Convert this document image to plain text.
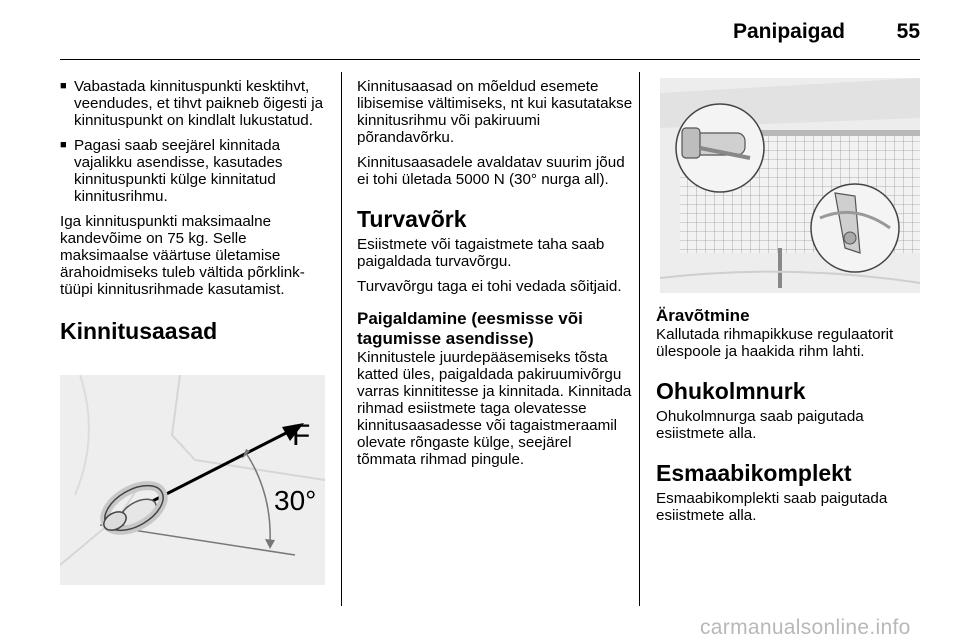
Panipaigad	55
■ Vabastada kinnituspunkti kesktihvt, veendudes, et tihvt paikneb õigesti ja kinnituspunkt on kindlalt lukustatud.
■ Pagasi saab seejärel kinnitada vajalikku asendisse, kasutades kinnituspunkti külge kinnitatud kinnitusrihmu.

Iga kinnituspunkti maksimaalne kandevõime on 75 kg. Selle maksimaalse väärtuse ületamise ärahoidmiseks tuleb vältida põrklink-tüüpi kinnitusrihmade kasutamist.

Kinnitusaasad
F
30°

Kinnitusaasad on mõeldud esemete libisemise vältimiseks, nt kui kasutatakse kinnitusrihmu või pakiruumi põrandavõrku.

Kinnitusaasadele avaldatav suurim jõud ei tohi ületada 5000 N (30° nurga all).

Turvavõrk

Esiistmete või tagaistmete taha saab paigaldada turvavõrgu.

Turvavõrgu taga ei tohi vedada sõitjaid.

Paigaldamine (eesmisse või tagumisse asendisse)

Kinnitustele juurdepääsemiseks tõsta katted üles, paigaldada pakiruumivõrgu varras kinnititesse ja kinnitada. Kinnitada rihmad esiistmete taga olevatesse kinnitusaasadesse või tagaistmeraamil olevate rõngaste külge, seejärel tõmmata rihmad pingule.

Äravõtmine

Kallutada rihmapikkuse regulaatorit ülespoole ja haakida rihm lahti.

Ohukolmnurk

Ohukolmnurga saab paigutada esiistmete alla.

Esmaabikomplekt

Esmaabikomplekti saab paigutada esiistmete alla.

carmanualsonline.info
